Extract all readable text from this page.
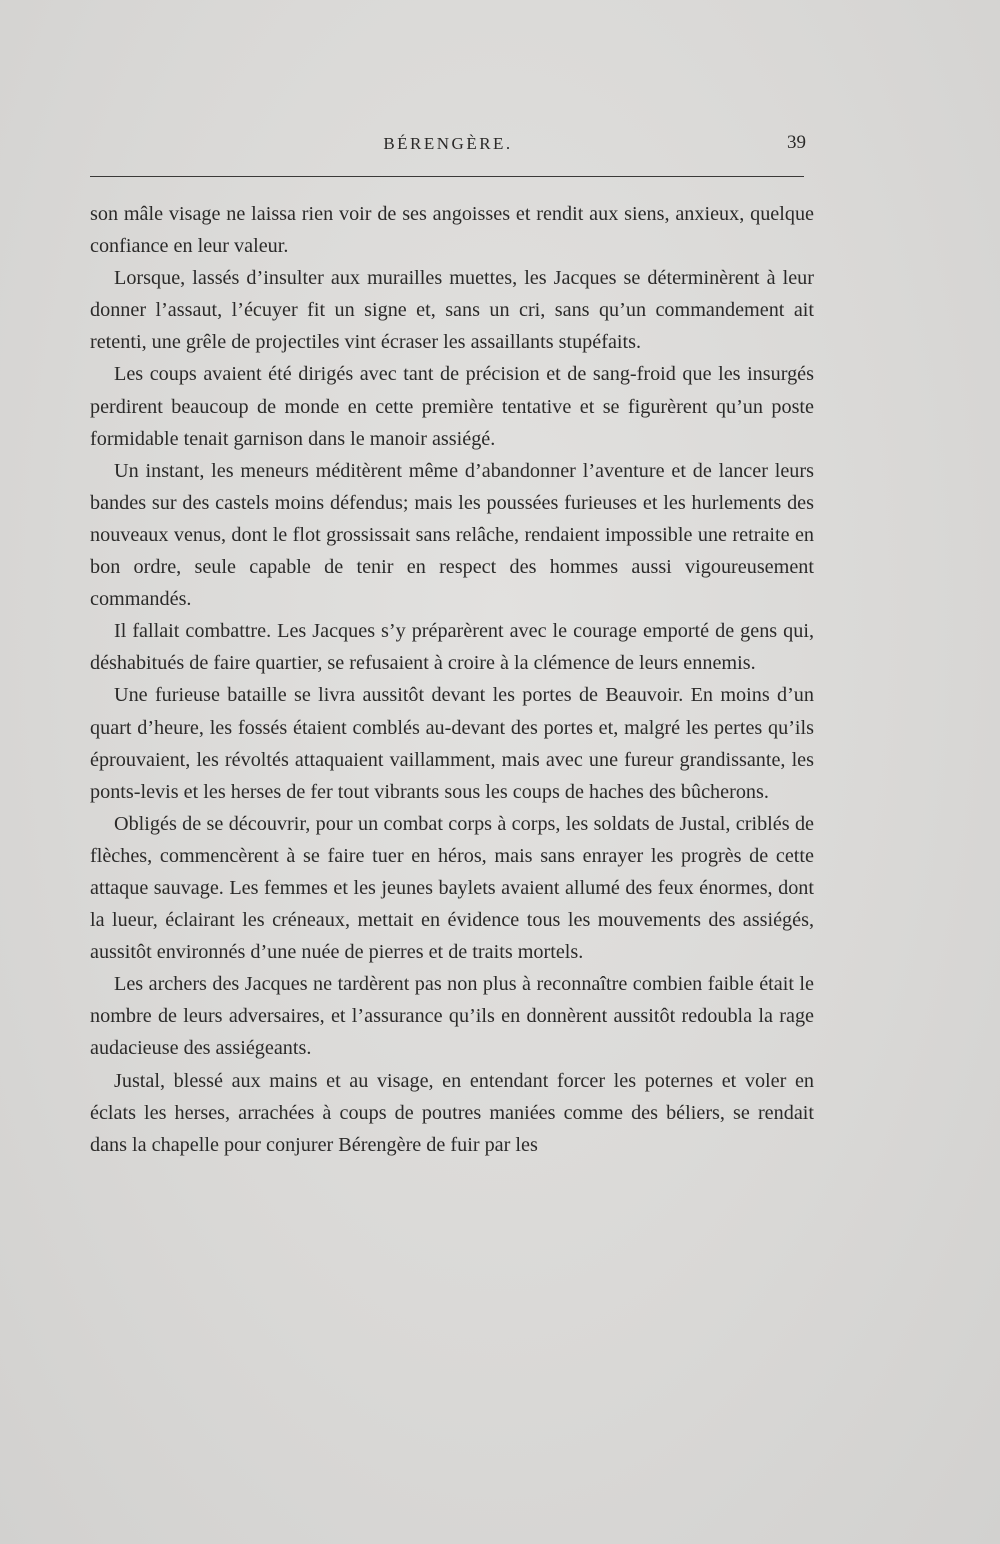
BÉRENGÈRE.	39

son mâle visage ne laissa rien voir de ses angoisses et rendit aux siens, anxieux, quelque confiance en leur valeur.

Lorsque, lassés d’insulter aux murailles muettes, les Jacques se déterminèrent à leur donner l’assaut, l’écuyer fit un signe et, sans un cri, sans qu’un commandement ait retenti, une grêle de projectiles vint écraser les assaillants stupéfaits.

Les coups avaient été dirigés avec tant de précision et de sang-froid que les insurgés perdirent beaucoup de monde en cette première tentative et se figurèrent qu’un poste formidable tenait garnison dans le manoir assiégé.

Un instant, les meneurs méditèrent même d’abandonner l’aventure et de lancer leurs bandes sur des castels moins défendus; mais les poussées furieuses et les hurlements des nouveaux venus, dont le flot grossissait sans relâche, rendaient impossible une retraite en bon ordre, seule capable de tenir en respect des hommes aussi vigoureusement commandés.

Il fallait combattre. Les Jacques s’y préparèrent avec le courage emporté de gens qui, déshabitués de faire quartier, se refusaient à croire à la clémence de leurs ennemis.

Une furieuse bataille se livra aussitôt devant les portes de Beauvoir. En moins d’un quart d’heure, les fossés étaient comblés au-devant des portes et, malgré les pertes qu’ils éprouvaient, les révoltés attaquaient vaillamment, mais avec une fureur grandissante, les ponts-levis et les herses de fer tout vibrants sous les coups de haches des bûcherons.

Obligés de se découvrir, pour un combat corps à corps, les soldats de Justal, criblés de flèches, commencèrent à se faire tuer en héros, mais sans enrayer les progrès de cette attaque sauvage. Les femmes et les jeunes baylets avaient allumé des feux énormes, dont la lueur, éclairant les créneaux, mettait en évidence tous les mouvements des assiégés, aussitôt environnés d’une nuée de pierres et de traits mortels.

Les archers des Jacques ne tardèrent pas non plus à reconnaître combien faible était le nombre de leurs adversaires, et l’assurance qu’ils en donnèrent aussitôt redoubla la rage audacieuse des assiégeants.

Justal, blessé aux mains et au visage, en entendant forcer les poternes et voler en éclats les herses, arrachées à coups de poutres maniées comme des béliers, se rendait dans la chapelle pour conjurer Bérengère de fuir par les
